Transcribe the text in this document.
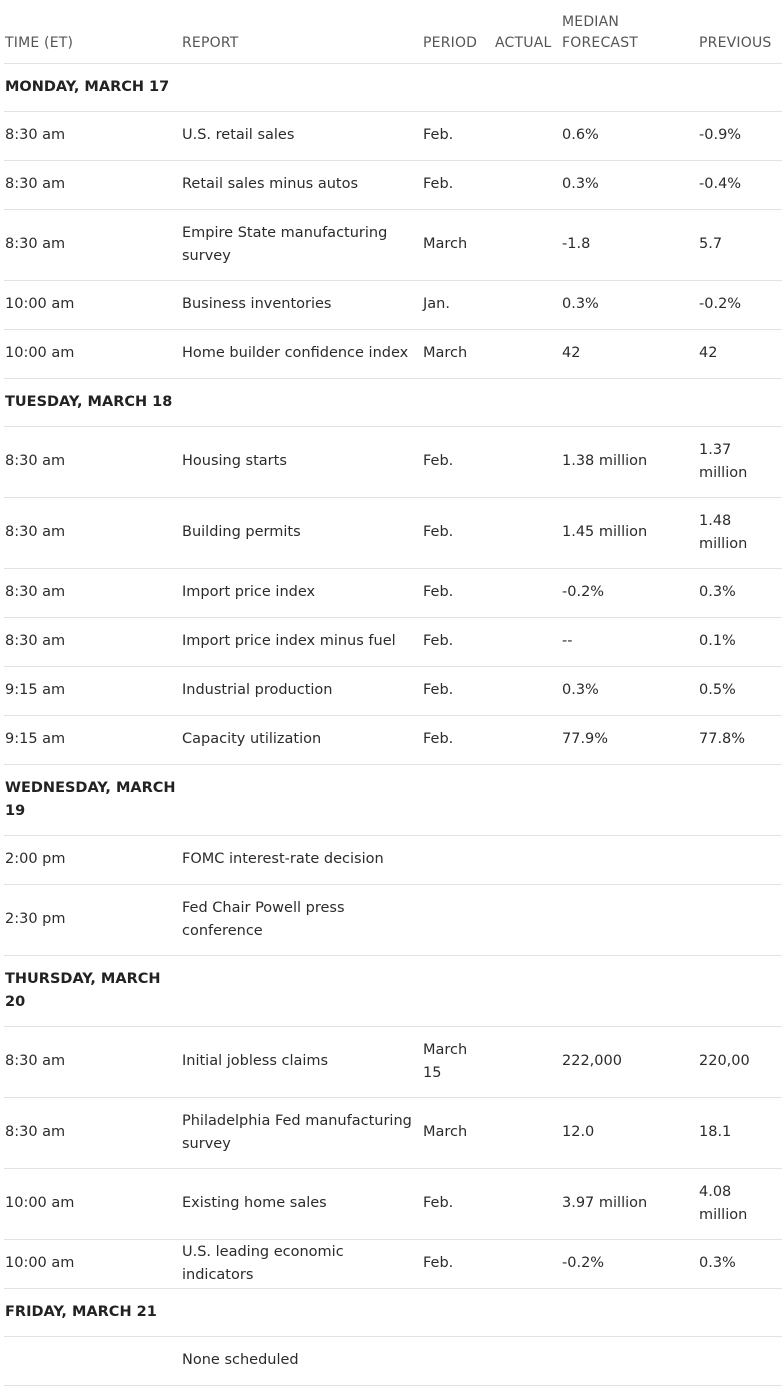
TIME (ET)	REPORT	PERIOD	ACTUAL	MEDIAN FORECAST	PREVIOUS
MONDAY, MARCH 17					
8:30 am	U.S. retail sales	Feb.		0.6%	-0.9%
8:30 am	Retail sales minus autos	Feb.		0.3%	-0.4%
8:30 am	Empire State manufacturing survey	March		-1.8	5.7
10:00 am	Business inventories	Jan.		0.3%	-0.2%
10:00 am	Home builder confidence index	March		42	42
TUESDAY, MARCH 18					
8:30 am	Housing starts	Feb.		1.38 million	1.37 million
8:30 am	Building permits	Feb.		1.45 million	1.48 million
8:30 am	Import price index	Feb.		-0.2%	0.3%
8:30 am	Import price index minus fuel	Feb.		--	0.1%
9:15 am	Industrial production	Feb.		0.3%	0.5%
9:15 am	Capacity utilization	Feb.		77.9%	77.8%
WEDNESDAY, MARCH 19					
2:00 pm	FOMC interest-rate decision				
2:30 pm	Fed Chair Powell press conference				
THURSDAY, MARCH 20					
8:30 am	Initial jobless claims	March 15		222,000	220,00
8:30 am	Philadelphia Fed manufacturing survey	March		12.0	18.1
10:00 am	Existing home sales	Feb.		3.97 million	4.08 million
10:00 am	U.S. leading economic indicators	Feb.		-0.2%	0.3%
FRIDAY, MARCH 21					
	None scheduled				
